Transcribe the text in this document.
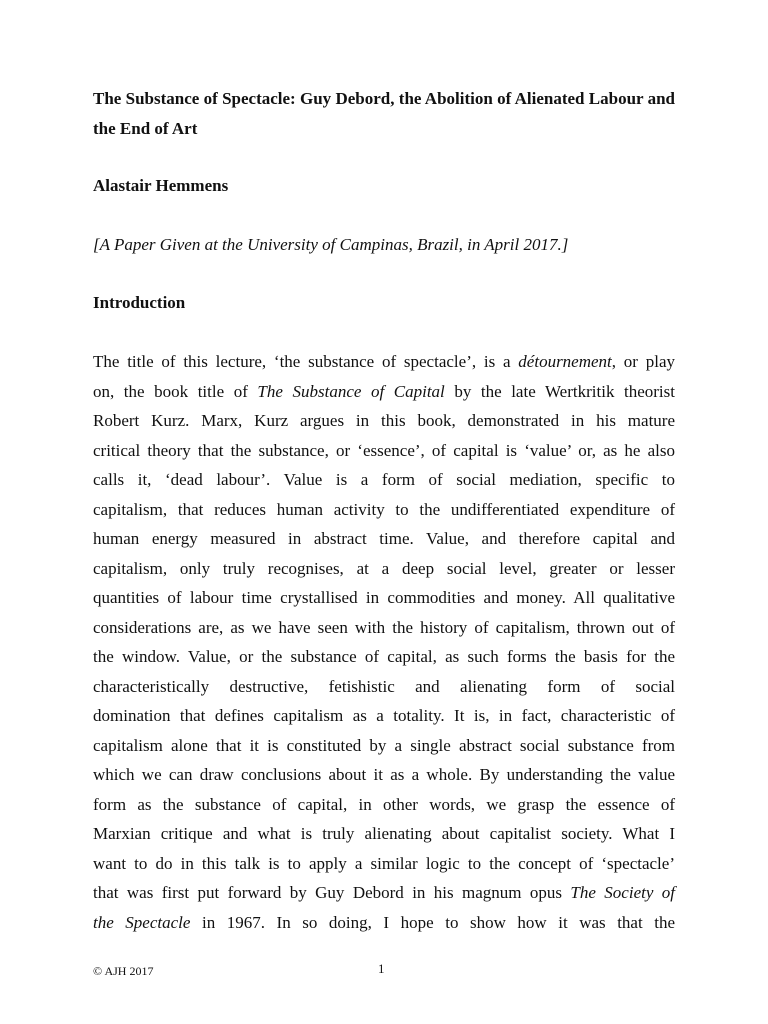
The Substance of Spectacle: Guy Debord, the Abolition of Alienated Labour and the End of Art
Alastair Hemmens
[A Paper Given at the University of Campinas, Brazil, in April 2017.]
Introduction
The title of this lecture, ‘the substance of spectacle’, is a détournement, or play
on, the book title of The Substance of Capital by the late Wertkritik theorist
Robert Kurz. Marx, Kurz argues in this book, demonstrated in his mature
critical theory that the substance, or ‘essence’, of capital is ‘value’ or, as he also
calls it, ‘dead labour’. Value is a form of social mediation, specific to
capitalism, that reduces human activity to the undifferentiated expenditure of
human energy measured in abstract time. Value, and therefore capital and
capitalism, only truly recognises, at a deep social level, greater or lesser
quantities of labour time crystallised in commodities and money. All qualitative
considerations are, as we have seen with the history of capitalism, thrown out of
the window. Value, or the substance of capital, as such forms the basis for the
characteristically destructive, fetishistic and alienating form of social
domination that defines capitalism as a totality. It is, in fact, characteristic of
capitalism alone that it is constituted by a single abstract social substance from
which we can draw conclusions about it as a whole. By understanding the value
form as the substance of capital, in other words, we grasp the essence of
Marxian critique and what is truly alienating about capitalist society. What I
want to do in this talk is to apply a similar logic to the concept of ‘spectacle’
that was first put forward by Guy Debord in his magnum opus The Society of
the Spectacle in 1967. In so doing, I hope to show how it was that the
© AJH 2017	1
